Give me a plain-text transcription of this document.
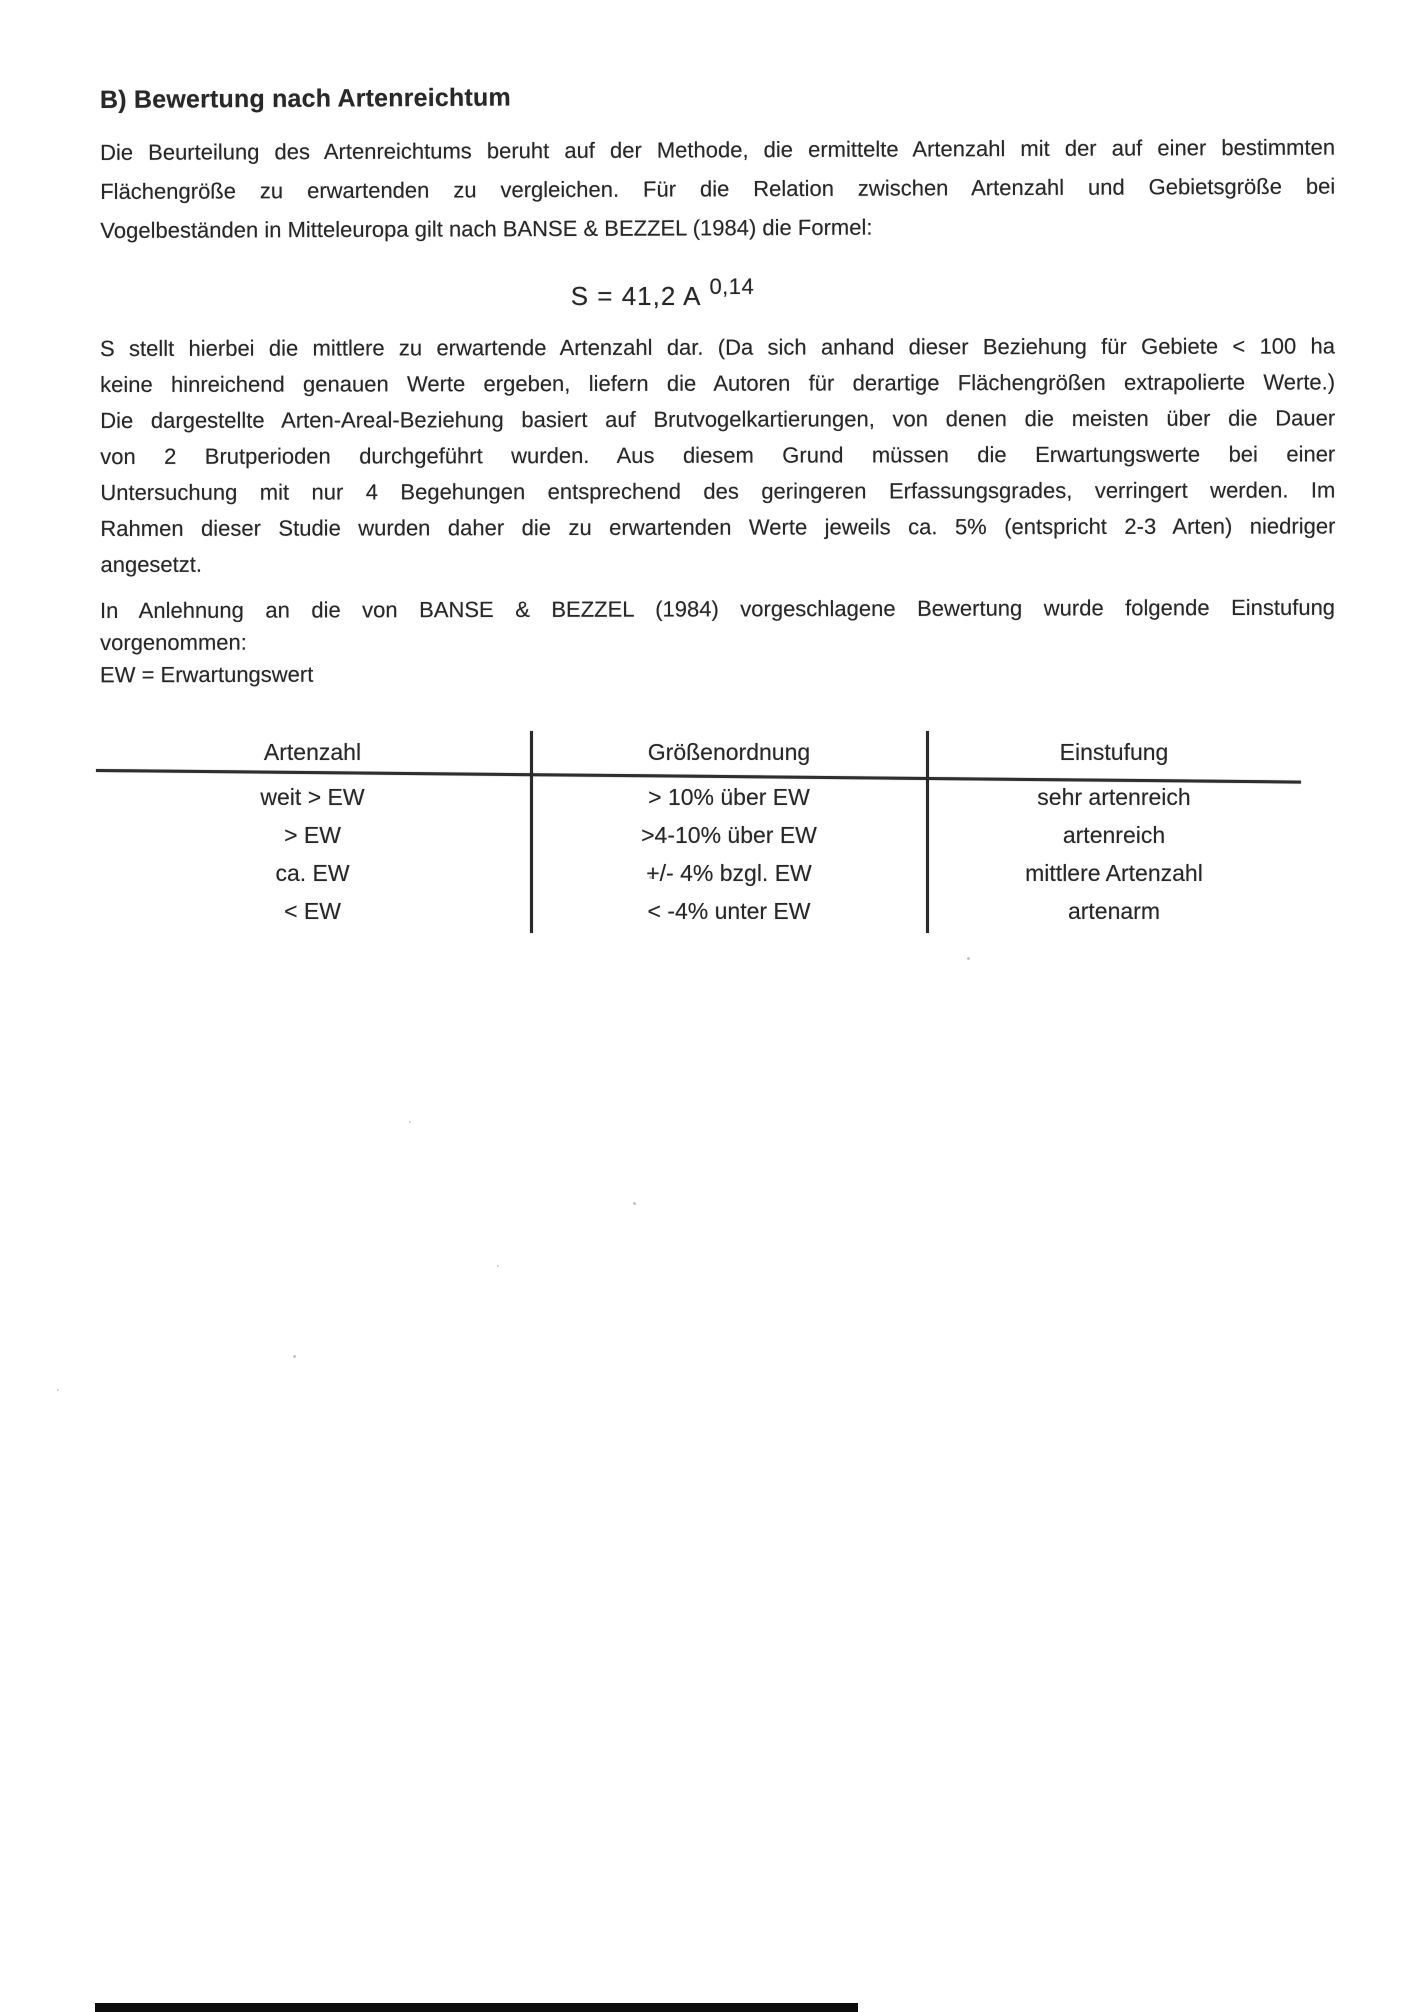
B) Bewertung nach Artenreichtum
Die Beurteilung des Artenreichtums beruht auf der Methode, die ermittelte Artenzahl mit der auf einer bestimmten
Flächengröße zu erwartenden zu vergleichen. Für die Relation zwischen Artenzahl und Gebietsgröße bei
Vogelbeständen in Mitteleuropa gilt nach BANSE & BEZZEL (1984) die Formel:
S = 41,2 A $^{0,14}$
S stellt hierbei die mittlere zu erwartende Artenzahl dar. (Da sich anhand dieser Beziehung für Gebiete < 100 ha
keine hinreichend genauen Werte ergeben, liefern die Autoren für derartige Flächengrößen extrapolierte Werte.)
Die dargestellte Arten-Areal-Beziehung basiert auf Brutvogelkartierungen, von denen die meisten über die Dauer
von 2 Brutperioden durchgeführt wurden. Aus diesem Grund müssen die Erwartungswerte bei einer
Untersuchung mit nur 4 Begehungen entsprechend des geringeren Erfassungsgrades, verringert werden. Im
Rahmen dieser Studie wurden daher die zu erwartenden Werte jeweils ca. 5% (entspricht 2-3 Arten) niedriger
angesetzt.
In Anlehnung an die von BANSE & BEZZEL (1984) vorgeschlagene Bewertung wurde folgende Einstufung
vorgenommen:
EW = Erwartungswert
Artenzahl	Größenordnung	Einstufung
weit > EW	> 10% über EW	sehr artenreich
> EW	>4-10% über EW	artenreich
ca. EW	+/- 4% bzgl. EW	mittlere Artenzahl
< EW	< -4% unter EW	artenarm
